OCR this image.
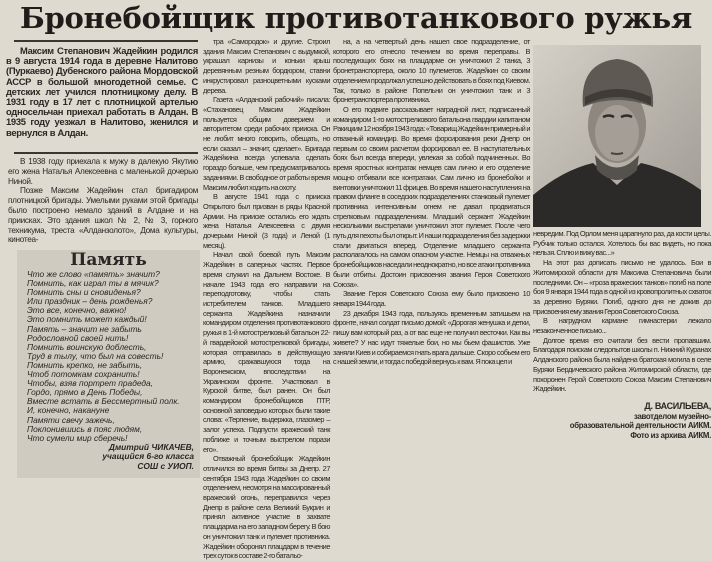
Бронебойщик противотанкового ружья

Максим Степанович Жадейкин родился в 9 августа 1914 года в деревне Налитово (Пуркаево) Дубенского района Мордовской АССР в большой многодетной семье. С детских лет учился плотницкому делу. В 1931 году в 17 лет с плотницкой артелью односельчан приехал работать в Алдан. В 1935 году уезжал в Налитово, женился и вернулся в Алдан.

В 1938 году приехала к мужу в далекую Якутию его жена Наталья Алексеевна с маленькой дочерью Ниной.

Позже Максим Жадейкин стал бригадиром плотницкой бригады. Умелыми руками этой бригады было построено немало зданий в Алдане и на приисках. Это здания школ № 2, № 3, горного техникума, треста «Алданзолото», Дома культуры, кинотеа-

Память
Что же слово «память» значит?
Помнить, как играл ты в мячик?
Помнить сны и сновиденья?
Или праздник – день рожденья?
Это все, конечно, важно!
Это помнить может каждый!
Память – значит не забыть
Родословной своей нить!
Помнить воинскую доблесть,
Труд в тылу, что был на совесть!
Помнить крепко, не забыть,
Чтоб потомкам сохранить!
Чтобы, взяв портрет прадеда,
Гордо, прямо в День Победы,
Вместе встать в Бессмертный полк.
И, конечно, накануне
Памяти свечу зажечь,
Поклонившись в пояс людям,
Что сумели мир сберечь!
Дмитрий ЧИКАЧЕВ,
учащийся 6-го класса
СОШ с УИОП.

тра «Самородок» и другие. Строил здания Максим Степанович с выдумкой, украшал карнизы и коньки крыш деревянным резным бордюром, ставни инкрустировал разноцветными кусками дерева.

Газета «Алданский рабочий» писала: «Стахановец Максим Жадейкин пользуется общим доверием и авторитетом среди рабочих прииска. Он не любит много говорить, обещать, но если сказал – значит, сделает». Бригада Жадейкина всегда успевала сделать гораздо больше, чем предусматривалось заданиями. В свободное от работы время Максим любил ходить на охоту.

В августе 1941 года с прииска Открытого был призван в ряды Красной Армии. На прииске остались его ждать жена Наталья Алексеевна с двумя дочерьми Ниной (3 года) и Леной (1 месяц).

Начал свой боевой путь Максим Жадейкин в саперных частях. Первое время служил на Дальнем Востоке. В начале 1943 года его направили на переподготовку, чтобы стать истребителем танков. Младшего сержанта Жадейкина назначили командиром отделения противотанкового ружья в 1-й мотострелковый батальон 22-й гвардейской мотострелковой бригады, которая отправилась в действующую армию, сражавшуюся тогда на Воронежском, впоследствии на Украинском фронте. Участвовал в Курской битве, был ранен. Он был командиром бронебойщиков ПТР, основной заповедью которых были такие слова: «Терпение, выдержка, глазомер – залог успеха. Подпусти вражеский танк поближе и точным выстрелом порази его».

Отважный бронебойщик Жадейкин отличился во время битвы за Днепр. 27 сентября 1943 года Жадейкин со своим отделением, несмотря на массированный вражеский огонь, переправился через Днепр в районе села Великий Букрин и принял активное участие в захвате плацдарма на его западном берегу. В бою он уничтожил танк и пулемет противника. Жадейкин оборонял плацдарм в течение трех суток в составе 2-го батальо-

на, а на четвертый день нашел свое подразделение, от которого его отнесло течением во время переправы. В последующих боях на плацдарме он уничтожил 2 танка, 3 бронетранспортера, около 10 пулеметов. Жадейкин со своим отделением продолжал успешно действовать в боях под Киевом. Так, только в районе Попельни он уничтожил танк и 3 бронетранспортера противника.

О его подвиге рассказывает наградной лист, подписанный командиром 1-го мотострелкового батальона гвардии капитаном Ракицким 12 ноября 1943 года: «Товарищ Жадейкин примерный и отважный командир. Во время форсирования реки Днепр он первым со своим расчетом форсировал ее. В наступательных боях был всегда впереди, увлекая за собой подчиненных. Во время яростных контратак немцев сам лично и его отделение мощно отбивали все контратаки. Сам лично из бронебойки и винтовки уничтожил 11 фрицев. Во время нашего наступления на правом фланге в соседских подразделениях станковый пулемет противника интенсивным огнем не давал продвигаться стрелковым подразделениям. Младший сержант Жадейкин несколькими выстрелами уничтожил этот пулемет. После чего путь для пехоты был открыт. И наши подразделения без задержки стали двигаться вперед. Отделение младшего сержанта располагалось на самом опасном участке. Немцы на отважных бронебойщиков наседали неоднократно, но все атаки противника были отбиты. Достоин присвоения звания Героя Советского Союза».

Звание Героя Советского Союза ему было присвоено 10 января 1944 года.

23 декабря 1943 года, пользуясь временным затишьем на фронте, начал солдат письмо домой: «Дорогая женушка и детки, пишу вам который раз, а от вас еще не получил весточки. Как вы живете? У нас идут тяжелые бои, но мы бьем фашистов. Уже заняли Киев и собираемся гнать врага дальше. Скоро собьем его с нашей земли, и тогда с победой вернусь к вам. Я пока цел и

невредим. Под Орлом меня царапнуло раз, да кости целы. Рубчик только остался. Хотелось бы вас видеть, но пока нельзя. Сплю и вижу вас...»

На этот раз дописать письмо не удалось. Бои в Житомирской области для Максима Степановича были последними. Он – «гроза вражеских танков» погиб на поле боя 9 января 1944 года в одной из кровопролитных схваток за деревню Буряки. Погиб, одного дня не дожив до присвоения ему звания Героя Советского Союза.

В нагрудном кармане гимнастерки лежало незаконченное письмо...

Долгое время его считали без вести пропавшим. Благодаря поискам следопытов школы п. Нижний Куранах Алданского района была найдена братская могила в селе Буряки Бердичевского района Житомирской области, где похоронен Герой Советского Союза Максим Степанович Жадейкин.

Д. ВАСИЛЬЕВА,
завотделом музейно-
образовательной деятельности АИКМ.
Фото из архива АИКМ.
